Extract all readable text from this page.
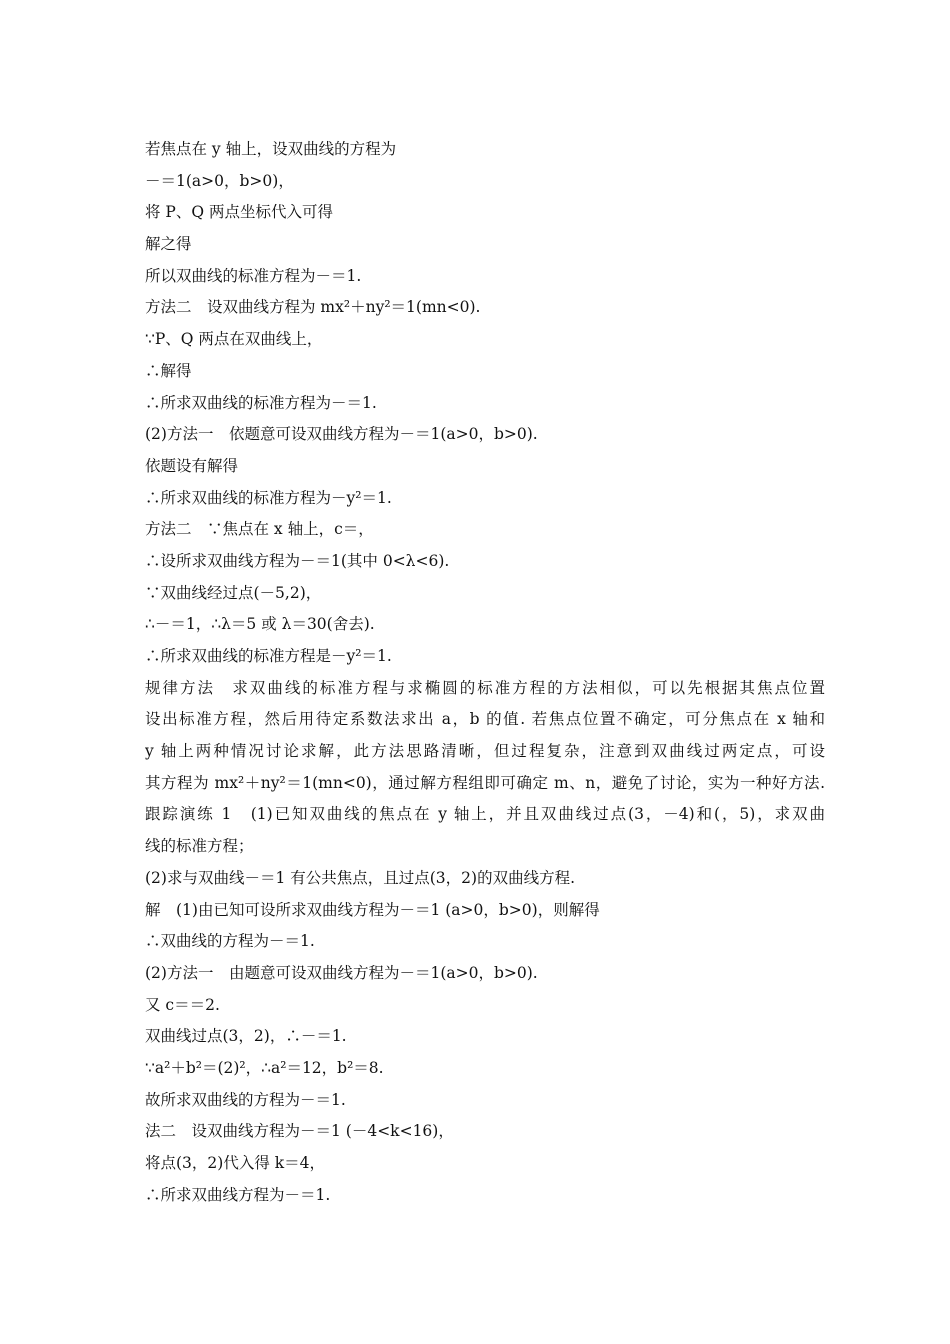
若焦点在 y 轴上，设双曲线的方程为
－＝1(a>0，b>0)，
将 P、Q 两点坐标代入可得
解之得
所以双曲线的标准方程为－＝1.
方法二　设双曲线方程为 mx²＋ny²＝1(mn<0).
∵P、Q 两点在双曲线上，
∴解得
∴所求双曲线的标准方程为－＝1.
(2)方法一　依题意可设双曲线方程为－＝1(a>0，b>0).
依题设有解得
∴所求双曲线的标准方程为－y²＝1.
方法二　∵焦点在 x 轴上，c＝，
∴设所求双曲线方程为－＝1(其中 0<λ<6).
∵双曲线经过点(－5,2)，
∴－＝1，∴λ＝5 或 λ＝30(舍去).
∴所求双曲线的标准方程是－y²＝1.
规律方法　求双曲线的标准方程与求椭圆的标准方程的方法相似，可以先根据其焦点位置
设出标准方程，然后用待定系数法求出 a，b 的值. 若焦点位置不确定，可分焦点在 x 轴和
y 轴上两种情况讨论求解，此方法思路清晰，但过程复杂，注意到双曲线过两定点，可设
其方程为 mx²＋ny²＝1(mn<0)，通过解方程组即可确定 m、n，避免了讨论，实为一种好方法.
跟踪演练 1　(1)已知双曲线的焦点在 y 轴上，并且双曲线过点(3，－4)和(，5)，求双曲
线的标准方程；
(2)求与双曲线－＝1 有公共焦点，且过点(3，2)的双曲线方程.
解　(1)由已知可设所求双曲线方程为－＝1 (a>0，b>0)，则解得
∴双曲线的方程为－＝1.
(2)方法一　由题意可设双曲线方程为－＝1(a>0，b>0).
又 c＝＝2.
双曲线过点(3，2)，∴－＝1.
∵a²＋b²＝(2)²，∴a²＝12，b²＝8.
故所求双曲线的方程为－＝1.
法二　设双曲线方程为－＝1 (－4<k<16)，
将点(3，2)代入得 k＝4，
∴所求双曲线方程为－＝1.
